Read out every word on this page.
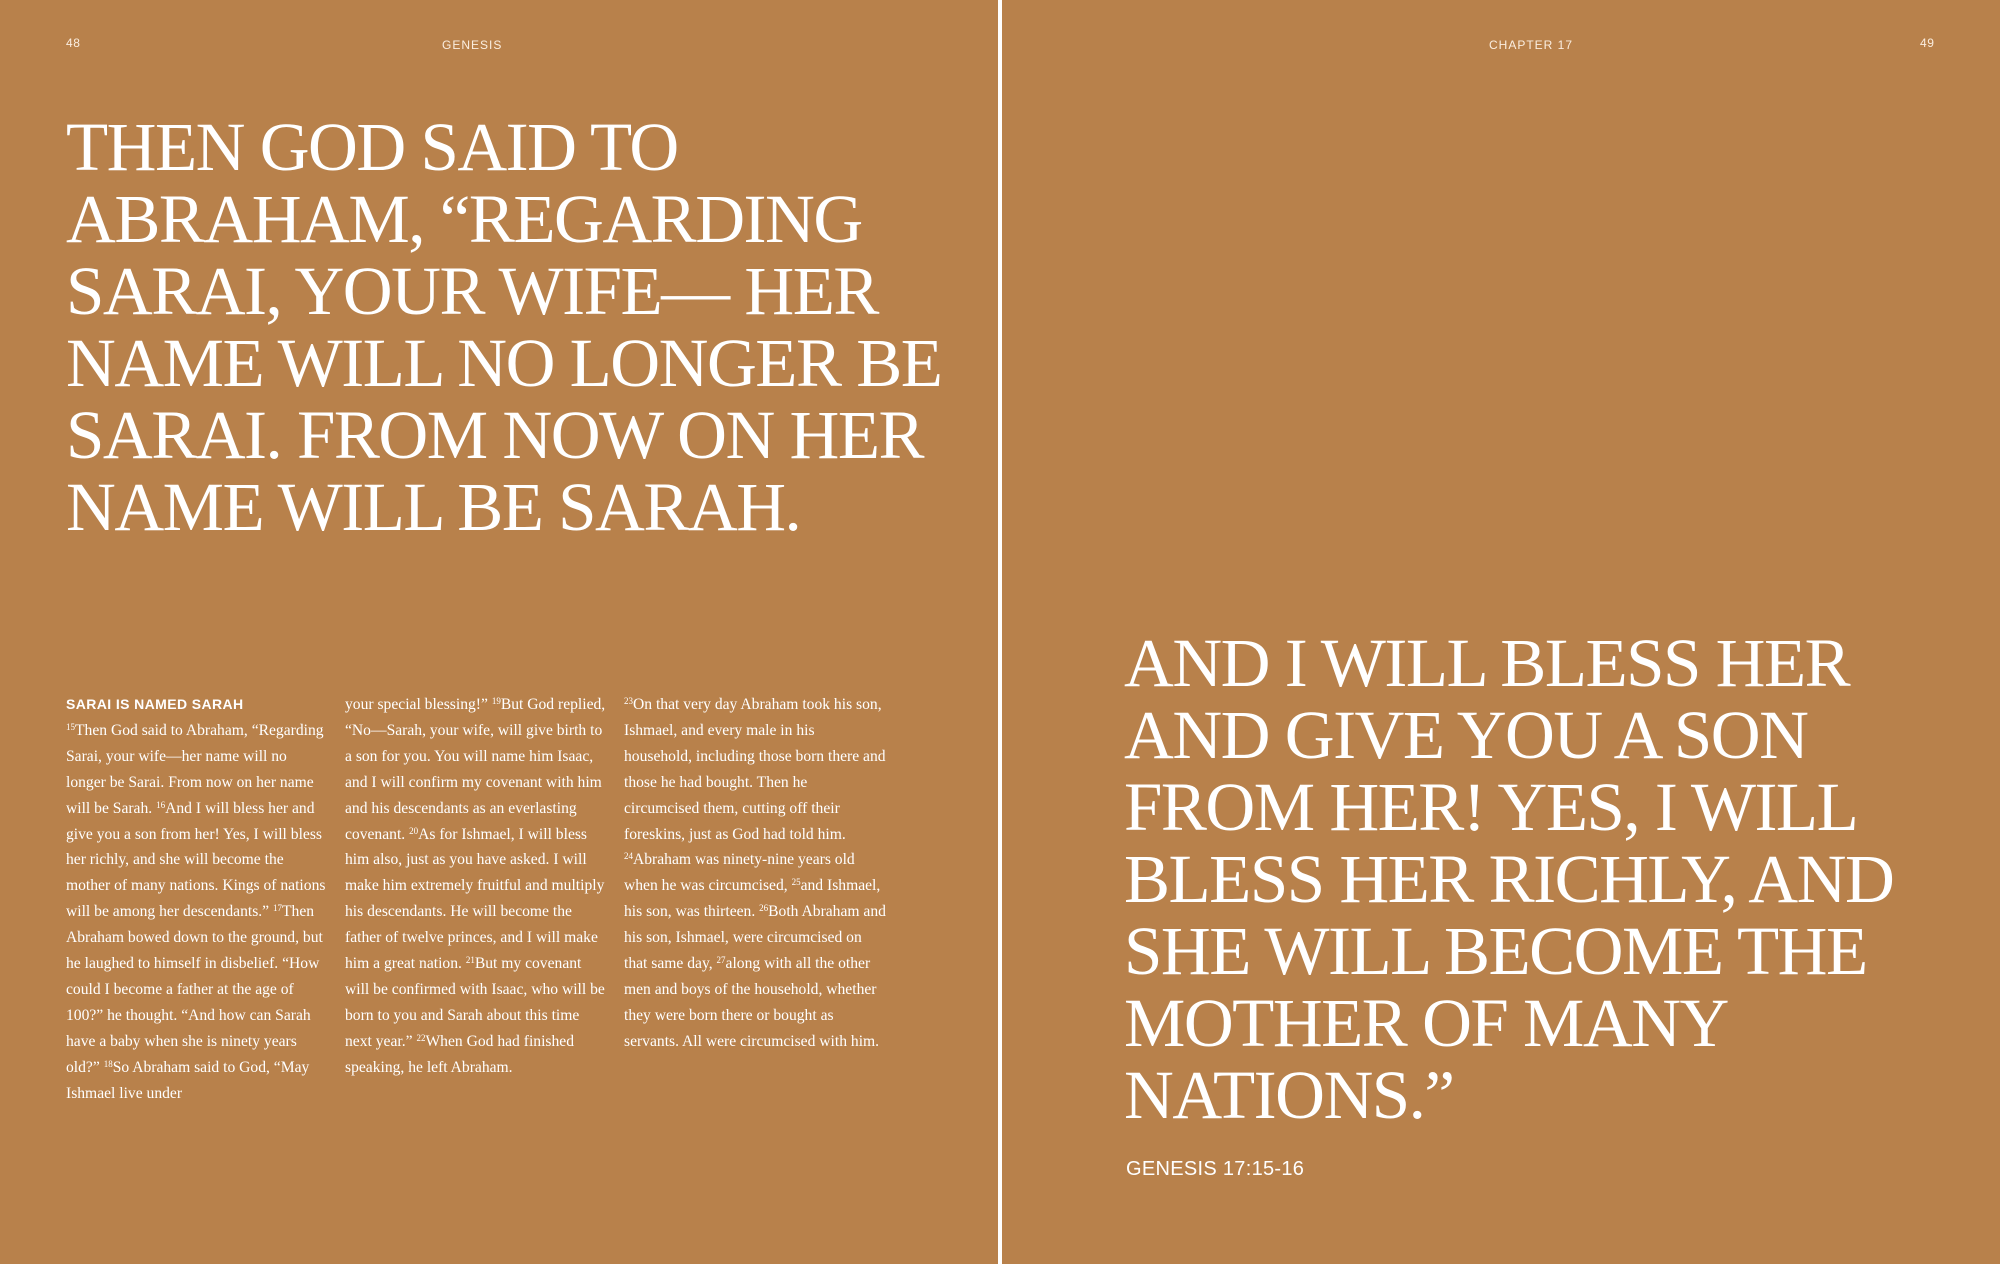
48	GENESIS
THEN GOD SAID TO ABRAHAM, “REGARDING SARAI, YOUR WIFE— HER NAME WILL NO LONGER BE SARAI. FROM NOW ON HER NAME WILL BE SARAH.
SARAI IS NAMED SARAH

$^{15}$Then God said to Abraham, “Regarding Sarai, your wife—her name will no longer be Sarai. From now on her name will be Sarah. $^{16}$And I will bless her and give you a son from her! Yes, I will bless her richly, and she will become the mother of many nations. Kings of nations will be among her descendants.” $^{17}$Then Abraham bowed down to the ground, but he laughed to himself in disbelief. “How could I become a father at the age of 100?” he thought. “And how can Sarah have a baby when she is ninety years old?” $^{18}$So Abraham said to God, “May Ishmael live under

your special blessing!” $^{19}$But God replied, “No—Sarah, your wife, will give birth to a son for you. You will name him Isaac, and I will confirm my covenant with him and his descendants as an everlasting covenant. $^{20}$As for Ishmael, I will bless him also, just as you have asked. I will make him extremely fruitful and multiply his descendants. He will become the father of twelve princes, and I will make him a great nation. $^{21}$But my covenant will be confirmed with Isaac, who will be born to you and Sarah about this time next year.” $^{22}$When God had finished speaking, he left Abraham.

$^{23}$On that very day Abraham took his son, Ishmael, and every male in his household, including those born there and those he had bought. Then he circumcised them, cutting off their foreskins, just as God had told him. $^{24}$Abraham was ninety-nine years old when he was circumcised, $^{25}$and Ishmael, his son, was thirteen. $^{26}$Both Abraham and his son, Ishmael, were circumcised on that same day, $^{27}$along with all the other men and boys of the household, whether they were born there or bought as servants. All were circumcised with him.

CHAPTER 17	49
AND I WILL BLESS HER AND GIVE YOU A SON FROM HER! YES, I WILL BLESS HER RICHLY, AND SHE WILL BECOME THE MOTHER OF MANY NATIONS.”
GENESIS 17:15-16
